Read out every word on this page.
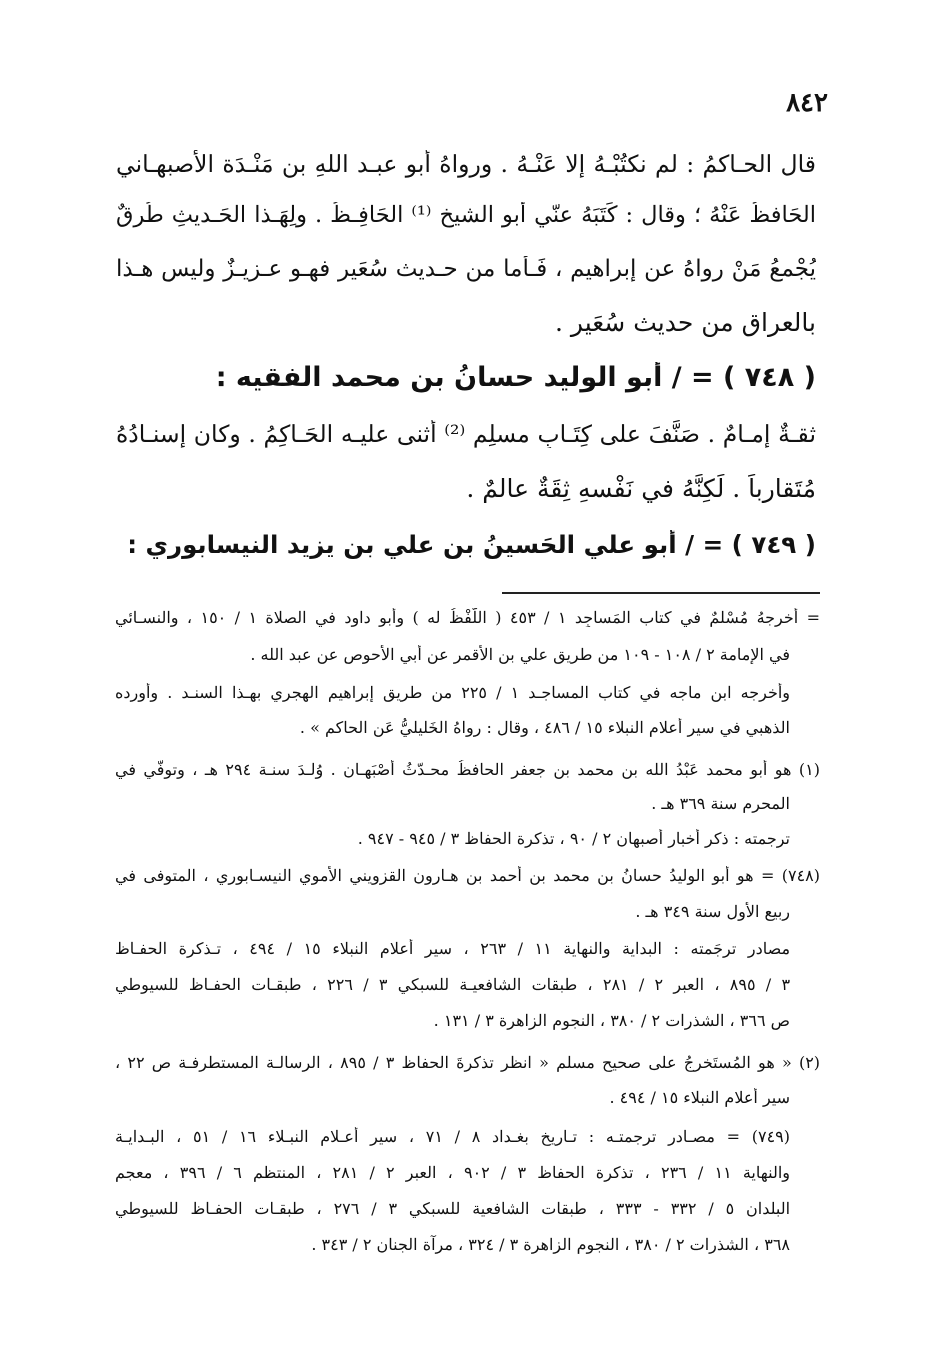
٨٤٢
قال الحـاكمُ : لم نكتُبْـهُ إلا عَنْـهُ . ورواهُ أبو عبـد اللهِ بن مَنْـدَة الأصبهـاني
الحَافظُ عَنْهُ ؛ وقال : كَتَبَهُ عنّي أبو الشيخ ⁽¹⁾ الحَافِـظُ . ولِهَـذا الحَـديثِ طُرقٌ
يُجْمعُ مَنْ رواهُ عن إبراهيم ، فَـأما من حـديث سُعَير فهـو عـزيـزٌ وليس هـذا
بالعراق من حديث سُعَير .
( ٧٤٨ ) = / أبو الوليد حسانُ بن محمد الفقيه :
ثقـةٌ إمـامٌ . صَنَّفَ على كِتَـابِ مسلِم ⁽²⁾ أثنى عليـه الحَـاكِمُ . وكان إسنـادُهُ
مُتَقارباً . لَكِنَّهُ في نَفْسهِ ثِقَةٌ عالمٌ .
( ٧٤٩ ) = / أبو علي الحَسينُ بن علي بن يزيد النيسابوري :
= أخرجهُ مُسْلمٌ في كتاب المَساجِد ١ / ٤٥٣ ( اللَّفْظُ له ) وأبو داود في الصلاة ١ / ١٥٠ ، والنسـائي
في الإمامة ٢ / ١٠٨ - ١٠٩ من طريق علي بن الأقمر عن أبي الأحوص عن عبد الله .
وأخرجه ابن ماجه في كتاب المساجـد ١ / ٢٢٥ من طريق إبراهيم الهجري بهـذا السنـد . وأورده
الذهبي في سير أعلام النبلاء ١٥ / ٤٨٦ ، وقال : رواهُ الخَليليُّ عَن الحاكم » .
(١) هو أبو محمد عَبْدُ الله بن محمد بن جعفر الحافظُ محـدّثُ أصْبَهـان . وُلـدَ سنـة ٢٩٤ هـ ، وتوفّي في
المحرم سنة ٣٦٩ هـ .
ترجمته : ذكر أخبار أصبهان ٢ / ٩٠ ، تذكرة الحفاظ ٣ / ٩٤٥ - ٩٤٧ .
(٧٤٨) = هو أبو الوليدُ حسانُ بن محمد بن أحمد بن هـارون القزويني الأموي النيسـابوري ، المتوفى في
ربيع الأول سنة ٣٤٩ هـ .
مصادر ترجَمته : البداية والنهاية ١١ / ٢٦٣ ، سير أعلام النبلاء ١٥ / ٤٩٤ ، تـذكرة الحفـاظ
٣ / ٨٩٥ ، العبر ٢ / ٢٨١ ، طبقات الشافعيـة للسبكي ٣ / ٢٢٦ ، طبقـات الحفـاظ للسيوطي
ص ٣٦٦ ، الشذرات ٢ / ٣٨٠ ، النجوم الزاهرة ٣ / ١٣١ .
(٢) « هو المُستَخرجُ على صحيح مسلم « انظر تذكرةَ الحفاظ ٣ / ٨٩٥ ، الرسالـة المستطرفـة ص ٢٢ ،
سير أعلام النبلاء ١٥ / ٤٩٤ .
(٧٤٩) = مصـادر ترجمتـه : تـاريخ بغـداد ٨ / ٧١ ، سير أعـلام النبـلاء ١٦ / ٥١ ، البـدايـة
والنهاية ١١ / ٢٣٦ ، تذكرة الحفاظ ٣ / ٩٠٢ ، العبر ٢ / ٢٨١ ، المنتظم ٦ / ٣٩٦ ، معجم
البلدان ٥ / ٣٣٢ - ٣٣٣ ، طبقات الشافعية للسبكي ٣ / ٢٧٦ ، طبقـات الحفـاظ للسيوطي
٣٦٨ ، الشذرات ٢ / ٣٨٠ ، النجوم الزاهرة ٣ / ٣٢٤ ، مرآة الجنان ٢ / ٣٤٣ .
